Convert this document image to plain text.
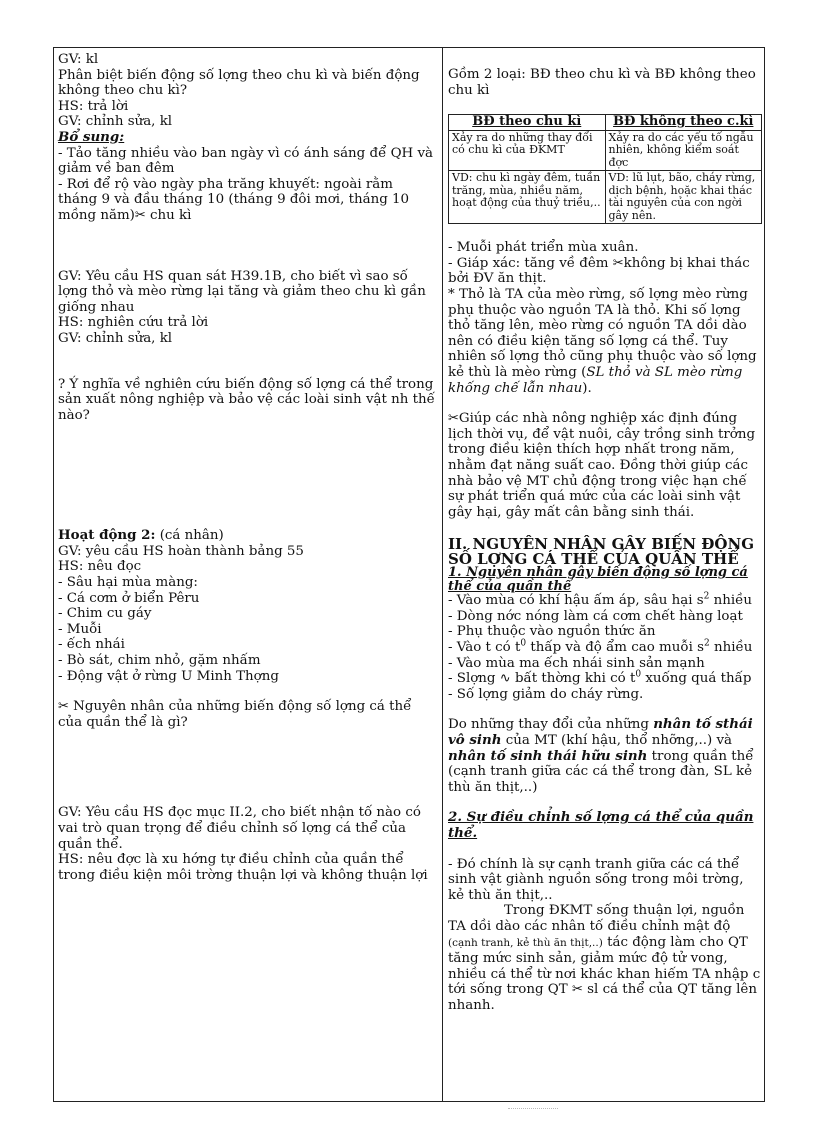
GV: kl

Phân biệt biến động số lợng theo chu kì và biến động không theo chu kì?

HS: trả lời

GV: chỉnh sửa, kl

Bổ sung:

- Tảo tăng nhiều vào ban ngày vì có ánh sáng để QH và giảm về ban đêm

- Rơi để rộ vào ngày pha trăng khuyết: ngoài rằm tháng 9 và đầu tháng 10 (tháng 9 đôi mơi, tháng 10 mồng năm)✂ chu kì

GV: Yêu cầu HS quan sát H39.1B, cho biết vì sao số lợng thỏ và mèo rừng lại tăng và giảm theo chu kì gần giống nhau

HS: nghiên cứu trả lời

GV: chỉnh sửa, kl

? Ý nghĩa về nghiên cứu biến động số lợng cá thể trong sản xuất nông nghiệp và bảo vệ các loài sinh vật nh thế nào?

Hoạt động 2: (cá nhân)

GV: yêu cầu HS hoàn thành bảng 55

HS: nêu đọc

- Sâu hại mùa màng:

- Cá cơm ở biển Pêru

- Chim cu gáy

- Muỗi

- ếch nhái

- Bò sát, chim nhỏ, gặm nhấm

- Động vật ở rừng U Minh Thợng

✂ Nguyên nhân của những biến động số lợng cá thể của quần thể là gì?

GV: Yêu cầu HS đọc mục II.2, cho biết nhận tố nào có vai trò quan trọng để điều chỉnh số lợng cá thể của quần thể.

HS: nêu đợc là xu hớng tự điều chỉnh của quần thể trong điều kiện môi trờng thuận lợi và không thuận lợi

Gồm 2 loại: BĐ theo chu kì và BĐ không theo chu kì

BĐ theo chu kì	BĐ không theo c.kì
Xảy ra do những thay đổi có chu kì của ĐKMT	Xảy ra do các yếu tố ngẫu nhiên, không kiểm soát đợc
VD: chu kì ngày đêm, tuần trăng, mùa, nhiều năm, hoạt động của thuỷ triều,..	VD: lũ lụt, bão, cháy rừng, dịch bệnh, hoặc khai thác tài nguyên của con ngời gây nên.

- Muỗi phát triển mùa xuân.

- Giáp xác: tăng về đêm ✂không bị khai thác bởi ĐV ăn thịt.

* Thỏ là TA của mèo rừng, số lợng mèo rừng phụ thuộc vào nguồn TA là thỏ. Khi số lợng thỏ tăng lên, mèo rừng có nguồn TA dồi dào nên có điều kiện tăng số lợng cá thể. Tuy nhiên số lợng thỏ cũng phụ thuộc vào số lợng kẻ thù là mèo rừng (SL thỏ và SL mèo rừng khống chế lẫn nhau).

✂Giúp các nhà nông nghiệp xác định đúng lịch thời vụ, để vật nuôi, cây trồng sinh trởng trong điều kiện thích hợp nhất trong năm, nhằm đạt năng suất cao. Đồng thời giúp các nhà bảo vệ MT chủ động trong việc hạn chế sự phát triển quá mức của các loài sinh vật gây hại, gây mất cân bằng sinh thái.

II. NGUYÊN NHÂN GÂY BIẾN ĐỘNG SỐ LỢNG CÁ THỂ CỦA QUẦN THỂ

1. Nguyên nhân gây biến động số lợng cá thể của quần thể

- Vào mùa có khí hậu ấm áp, sâu hại $s^2$ nhiều

- Dòng nớc nóng làm cá cơm chết hàng loạt

- Phụ thuộc vào nguồn thức ăn

- Vào t có $t^0$ thấp và độ ẩm cao muỗi $s^2$ nhiều

- Vào mùa ma ếch nhái sinh sản mạnh

- Slợng ∿ bất thờng khi có $t^0$ xuống quá thấp

- Số lợng giảm do cháy rừng.

Do những thay đổi của những nhân tố sthái vô sinh của MT (khí hậu, thổ nhỡng,..) và nhân tố sinh thái hữu sinh trong quần thể (cạnh tranh giữa các cá thể trong đàn, SL kẻ thù ăn thịt,..)

2. Sự điều chỉnh số lợng cá thể của quần thể.

- Đó chính là sự cạnh tranh giữa các cá thể sinh vật giành nguồn sống trong môi trờng, kẻ thù ăn thịt,..

Trong ĐKMT sống thuận lợi, nguồn TA dồi dào các nhân tố điều chỉnh mật độ (cạnh tranh, kẻ thù ăn thịt,..) tác động làm cho QT tăng mức sinh sản, giảm mức độ tử vong, nhiều cá thể từ nơi khác khan hiếm TA nhập c tới sống trong QT ✂ sl cá thể của QT tăng lên nhanh.
